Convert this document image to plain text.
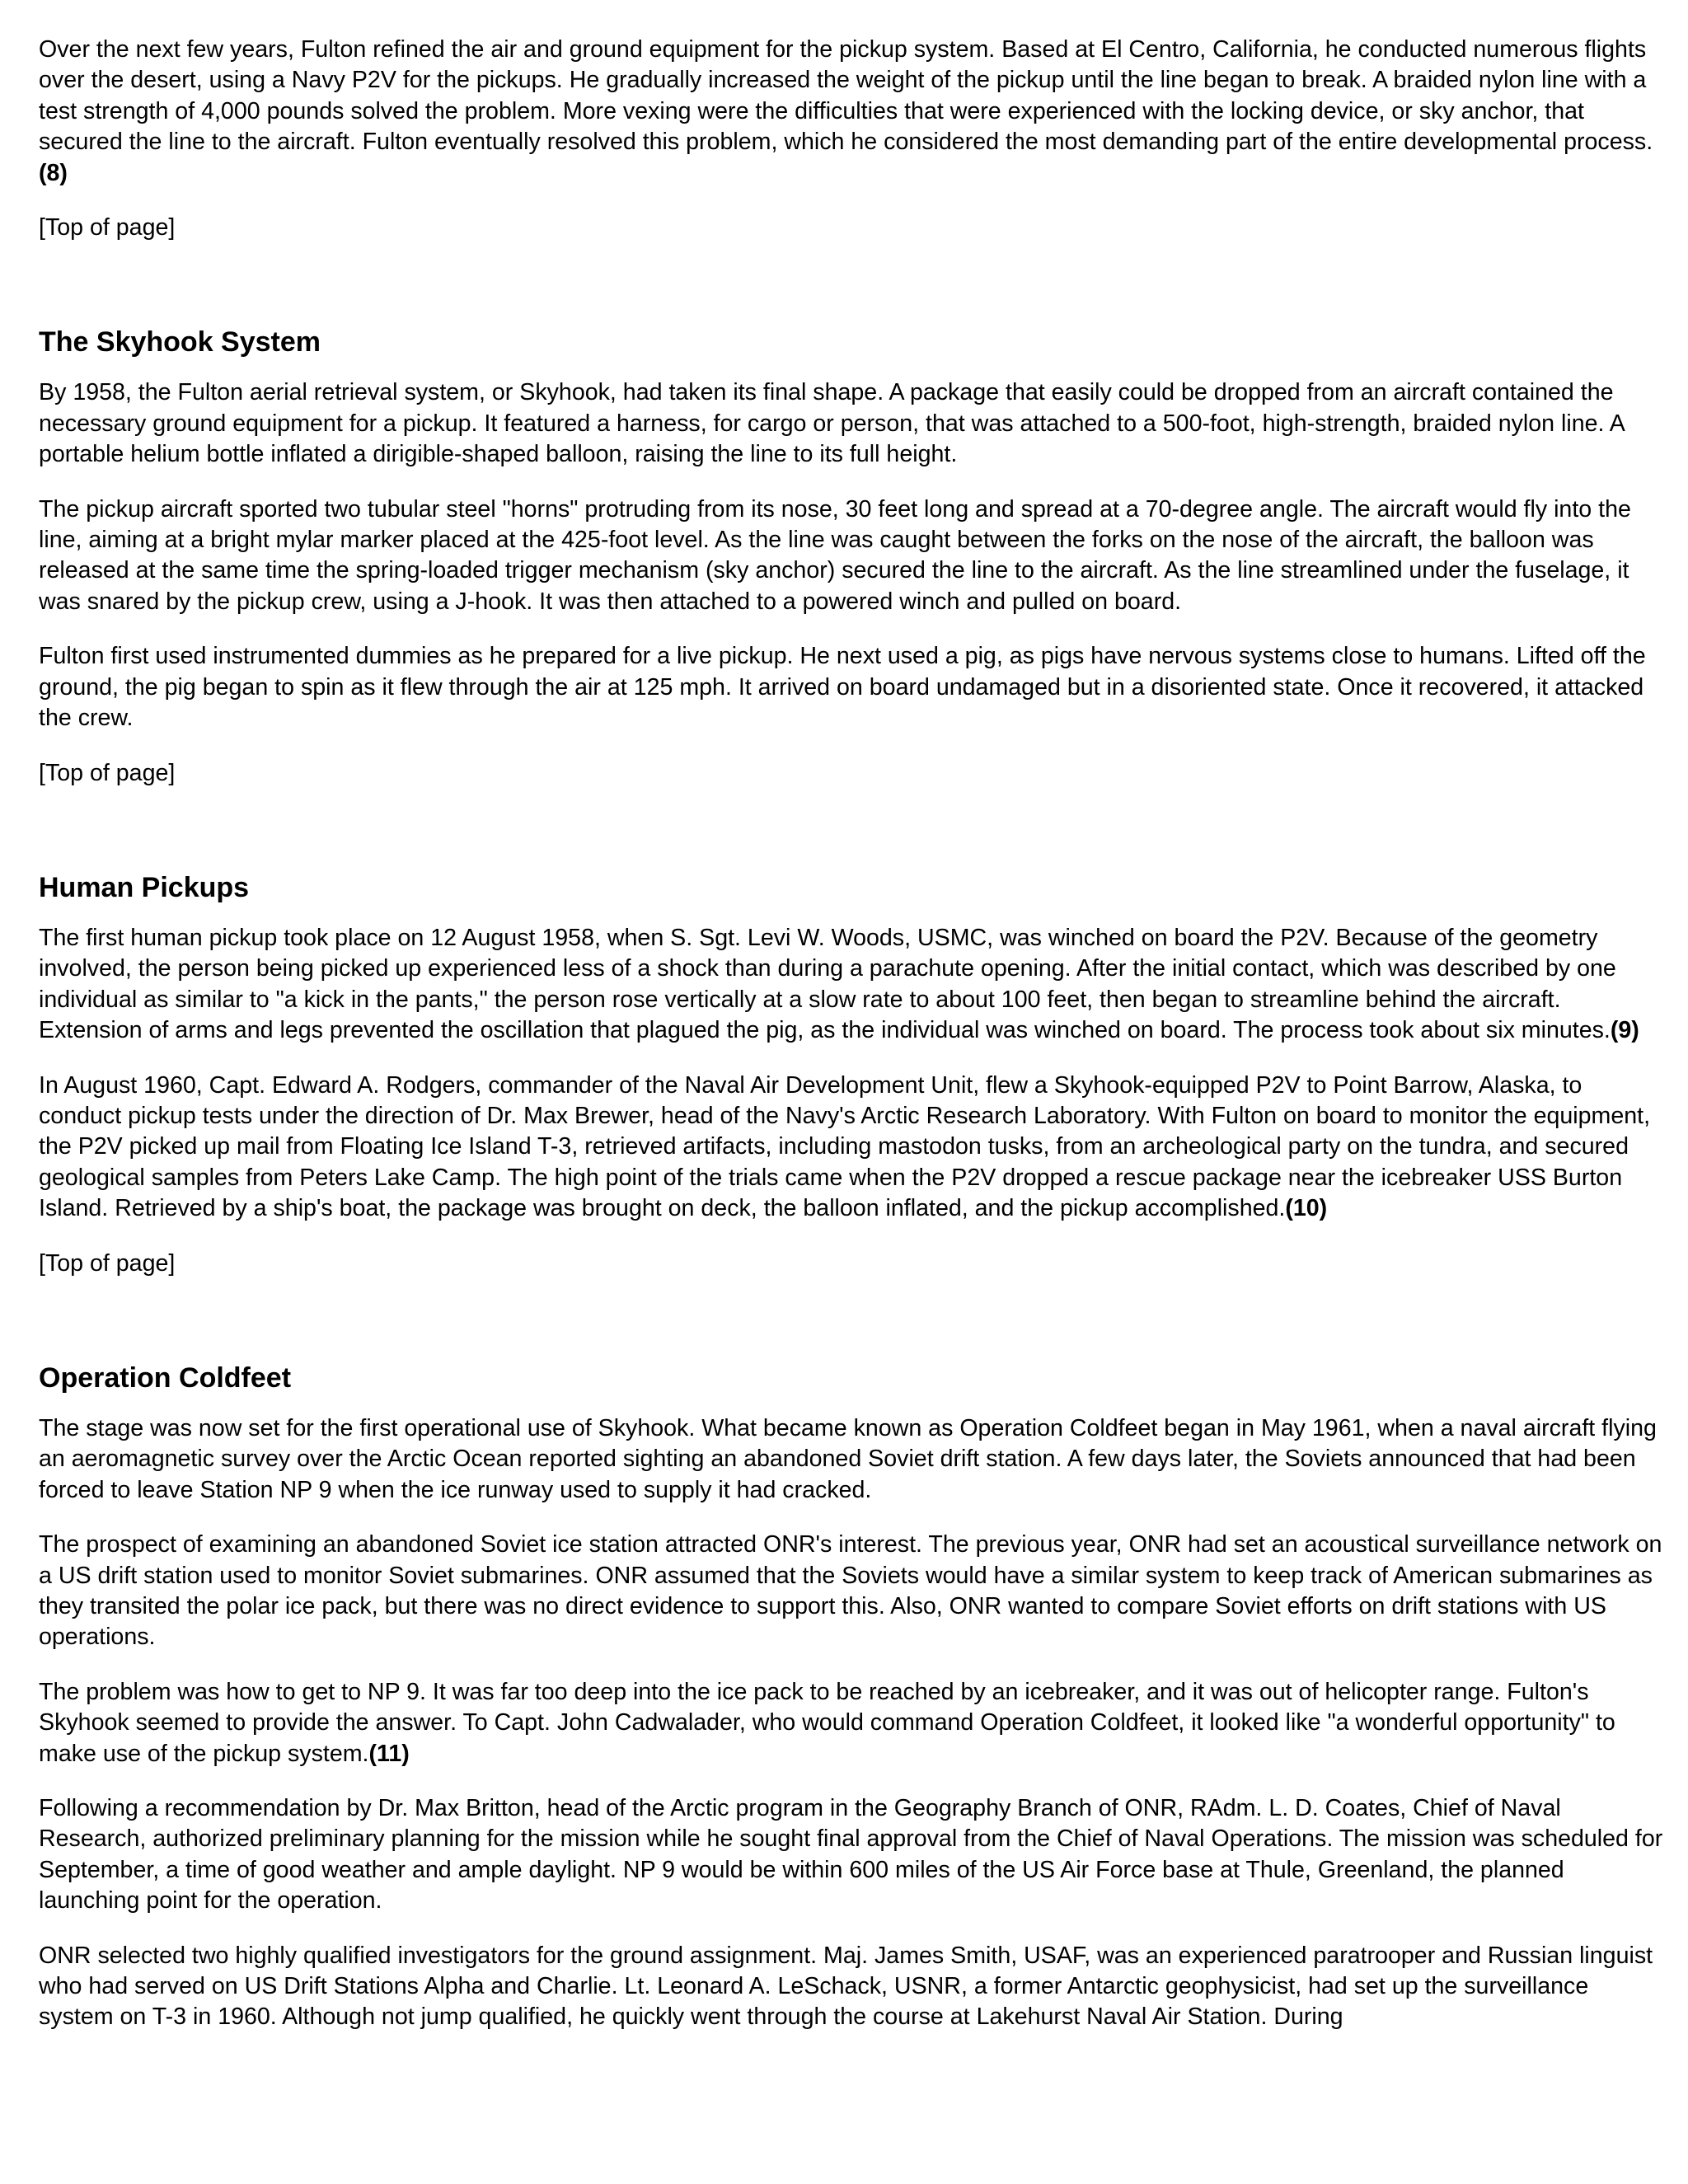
Over the next few years, Fulton refined the air and ground equipment for the pickup system. Based at El Centro, California, he conducted numerous flights over the desert, using a Navy P2V for the pickups. He gradually increased the weight of the pickup until the line began to break. A braided nylon line with a test strength of 4,000 pounds solved the problem. More vexing were the difficulties that were experienced with the locking device, or sky anchor, that secured the line to the aircraft. Fulton eventually resolved this problem, which he considered the most demanding part of the entire developmental process.(8)

[Top of page]

The Skyhook System

By 1958, the Fulton aerial retrieval system, or Skyhook, had taken its final shape. A package that easily could be dropped from an aircraft contained the necessary ground equipment for a pickup. It featured a harness, for cargo or person, that was attached to a 500-foot, high-strength, braided nylon line. A portable helium bottle inflated a dirigible-shaped balloon, raising the line to its full height.

The pickup aircraft sported two tubular steel "horns" protruding from its nose, 30 feet long and spread at a 70-degree angle. The aircraft would fly into the line, aiming at a bright mylar marker placed at the 425-foot level. As the line was caught between the forks on the nose of the aircraft, the balloon was released at the same time the spring-loaded trigger mechanism (sky anchor) secured the line to the aircraft. As the line streamlined under the fuselage, it was snared by the pickup crew, using a J-hook. It was then attached to a powered winch and pulled on board.

Fulton first used instrumented dummies as he prepared for a live pickup. He next used a pig, as pigs have nervous systems close to humans. Lifted off the ground, the pig began to spin as it flew through the air at 125 mph. It arrived on board undamaged but in a disoriented state. Once it recovered, it attacked the crew.

[Top of page]

Human Pickups

The first human pickup took place on 12 August 1958, when S. Sgt. Levi W. Woods, USMC, was winched on board the P2V. Because of the geometry involved, the person being picked up experienced less of a shock than during a parachute opening. After the initial contact, which was described by one individual as similar to "a kick in the pants," the person rose vertically at a slow rate to about 100 feet, then began to streamline behind the aircraft. Extension of arms and legs prevented the oscillation that plagued the pig, as the individual was winched on board. The process took about six minutes.(9)

In August 1960, Capt. Edward A. Rodgers, commander of the Naval Air Development Unit, flew a Skyhook-equipped P2V to Point Barrow, Alaska, to conduct pickup tests under the direction of Dr. Max Brewer, head of the Navy's Arctic Research Laboratory. With Fulton on board to monitor the equipment, the P2V picked up mail from Floating Ice Island T-3, retrieved artifacts, including mastodon tusks, from an archeological party on the tundra, and secured geological samples from Peters Lake Camp. The high point of the trials came when the P2V dropped a rescue package near the icebreaker USS Burton Island. Retrieved by a ship's boat, the package was brought on deck, the balloon inflated, and the pickup accomplished.(10)

[Top of page]

Operation Coldfeet

The stage was now set for the first operational use of Skyhook. What became known as Operation Coldfeet began in May 1961, when a naval aircraft flying an aeromagnetic survey over the Arctic Ocean reported sighting an abandoned Soviet drift station. A few days later, the Soviets announced that had been forced to leave Station NP 9 when the ice runway used to supply it had cracked.

The prospect of examining an abandoned Soviet ice station attracted ONR's interest. The previous year, ONR had set an acoustical surveillance network on a US drift station used to monitor Soviet submarines. ONR assumed that the Soviets would have a similar system to keep track of American submarines as they transited the polar ice pack, but there was no direct evidence to support this. Also, ONR wanted to compare Soviet efforts on drift stations with US operations.

The problem was how to get to NP 9. It was far too deep into the ice pack to be reached by an icebreaker, and it was out of helicopter range. Fulton's Skyhook seemed to provide the answer. To Capt. John Cadwalader, who would command Operation Coldfeet, it looked like "a wonderful opportunity" to make use of the pickup system.(11)

Following a recommendation by Dr. Max Britton, head of the Arctic program in the Geography Branch of ONR, RAdm. L. D. Coates, Chief of Naval Research, authorized preliminary planning for the mission while he sought final approval from the Chief of Naval Operations. The mission was scheduled for September, a time of good weather and ample daylight. NP 9 would be within 600 miles of the US Air Force base at Thule, Greenland, the planned launching point for the operation.

ONR selected two highly qualified investigators for the ground assignment. Maj. James Smith, USAF, was an experienced paratrooper and Russian linguist who had served on US Drift Stations Alpha and Charlie. Lt. Leonard A. LeSchack, USNR, a former Antarctic geophysicist, had set up the surveillance system on T-3 in 1960. Although not jump qualified, he quickly went through the course at Lakehurst Naval Air Station. During
